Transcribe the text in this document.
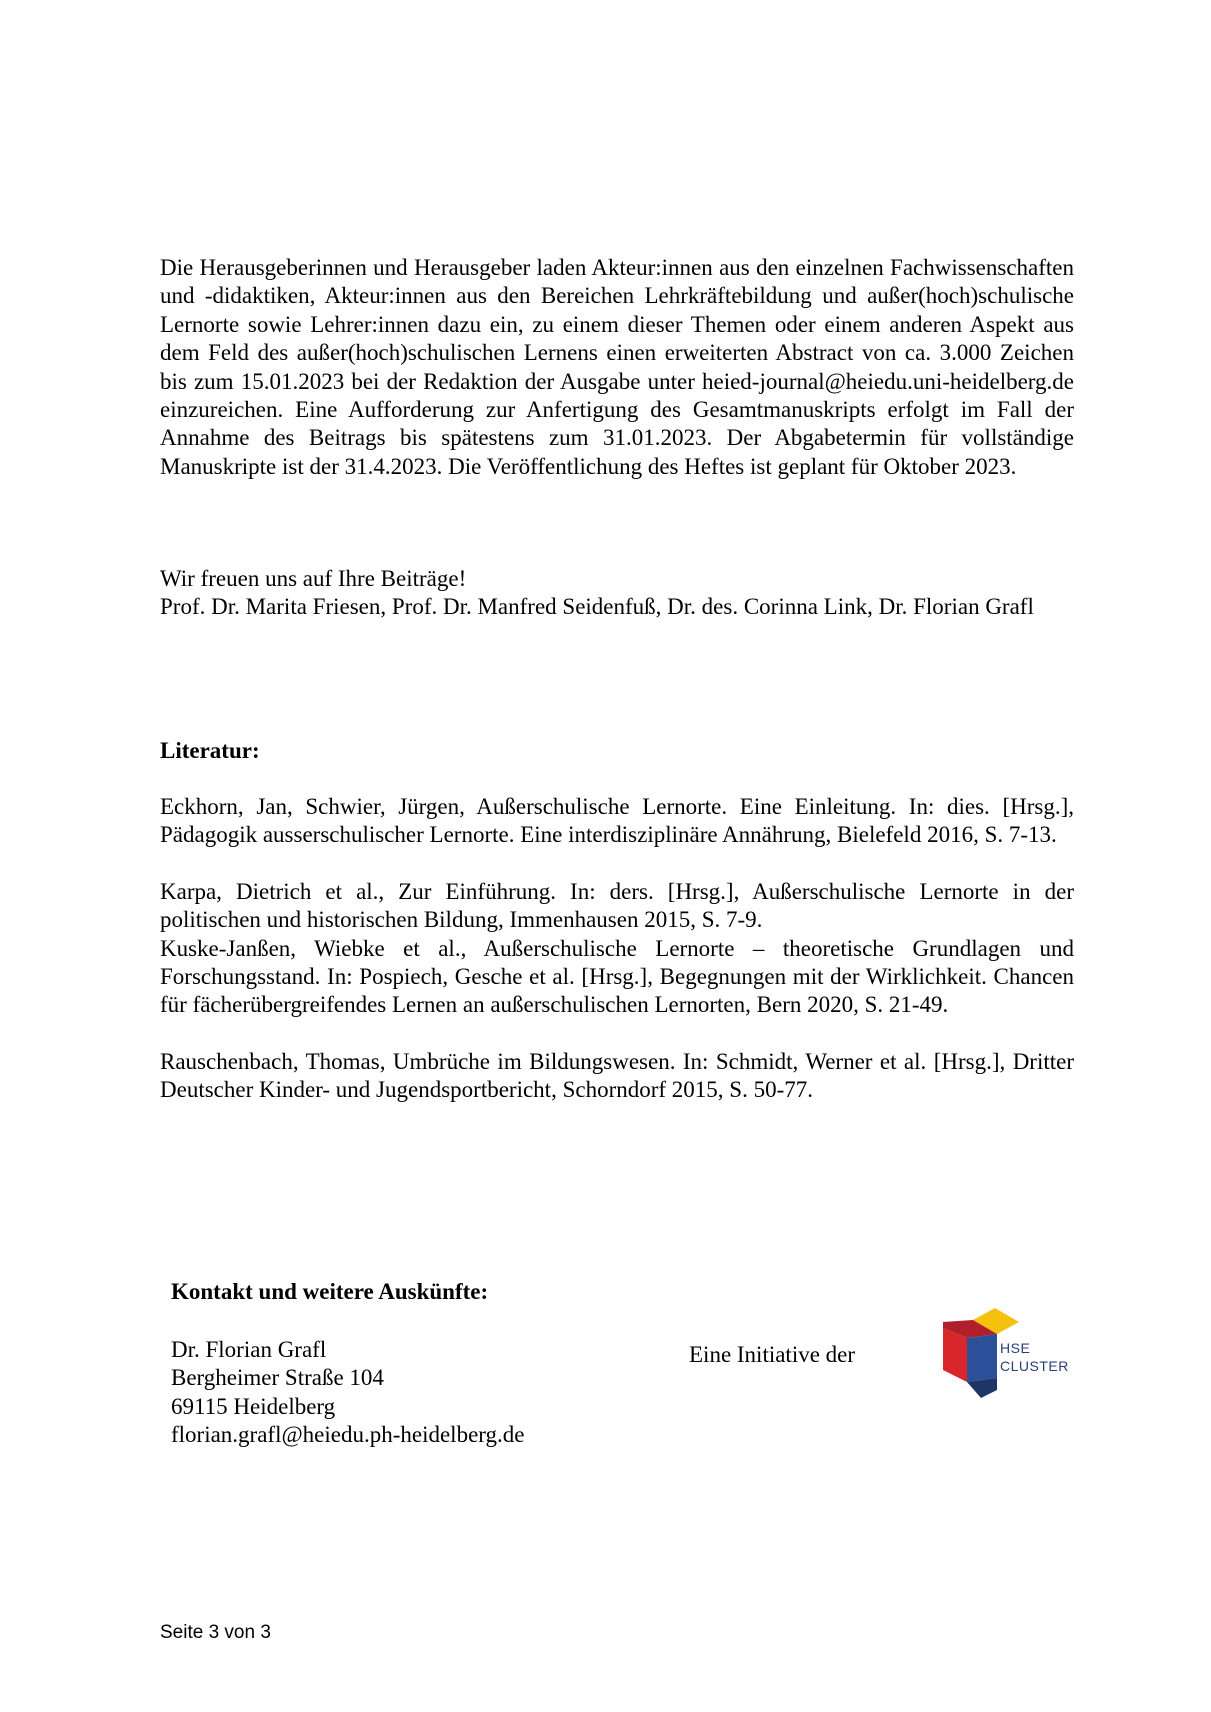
Die Herausgeberinnen und Herausgeber laden Akteur:innen aus den einzelnen Fachwissenschaften und -didaktiken, Akteur:innen aus den Bereichen Lehrkräftebildung und außer(hoch)schulische Lernorte sowie Lehrer:innen dazu ein, zu einem dieser Themen oder einem anderen Aspekt aus dem Feld des außer(hoch)schulischen Lernens einen erweiterten Abstract von ca. 3.000 Zeichen bis zum 15.01.2023 bei der Redaktion der Ausgabe unter heied-journal@heiedu.uni-heidelberg.de einzureichen. Eine Aufforderung zur Anfertigung des Gesamtmanuskripts erfolgt im Fall der Annahme des Beitrags bis spätestens zum 31.01.2023. Der Abgabetermin für vollständige Manuskripte ist der 31.4.2023. Die Veröffentlichung des Heftes ist geplant für Oktober 2023.
Wir freuen uns auf Ihre Beiträge!
Prof. Dr. Marita Friesen, Prof. Dr. Manfred Seidenfuß, Dr. des. Corinna Link, Dr. Florian Grafl
Literatur:
Eckhorn, Jan, Schwier, Jürgen, Außerschulische Lernorte. Eine Einleitung. In: dies. [Hrsg.], Pädagogik ausserschulischer Lernorte. Eine interdisziplinäre Annährung, Bielefeld 2016, S. 7-13.
Karpa, Dietrich et al., Zur Einführung. In: ders. [Hrsg.], Außerschulische Lernorte in der politischen und historischen Bildung, Immenhausen 2015, S. 7-9.
Kuske-Janßen, Wiebke et al., Außerschulische Lernorte – theoretische Grundlagen und Forschungsstand. In: Pospiech, Gesche et al. [Hrsg.], Begegnungen mit der Wirklichkeit. Chancen für fächerübergreifendes Lernen an außerschulischen Lernorten, Bern 2020, S. 21-49.
Rauschenbach, Thomas, Umbrüche im Bildungswesen. In: Schmidt, Werner et al. [Hrsg.], Dritter Deutscher Kinder- und Jugendsportbericht, Schorndorf 2015, S. 50-77.
Kontakt und weitere Auskünfte:
Dr. Florian Grafl
Bergheimer Straße 104
69115 Heidelberg
florian.grafl@heiedu.ph-heidelberg.de
Eine Initiative der	HSE
CLUSTER
Seite 3 von 3
